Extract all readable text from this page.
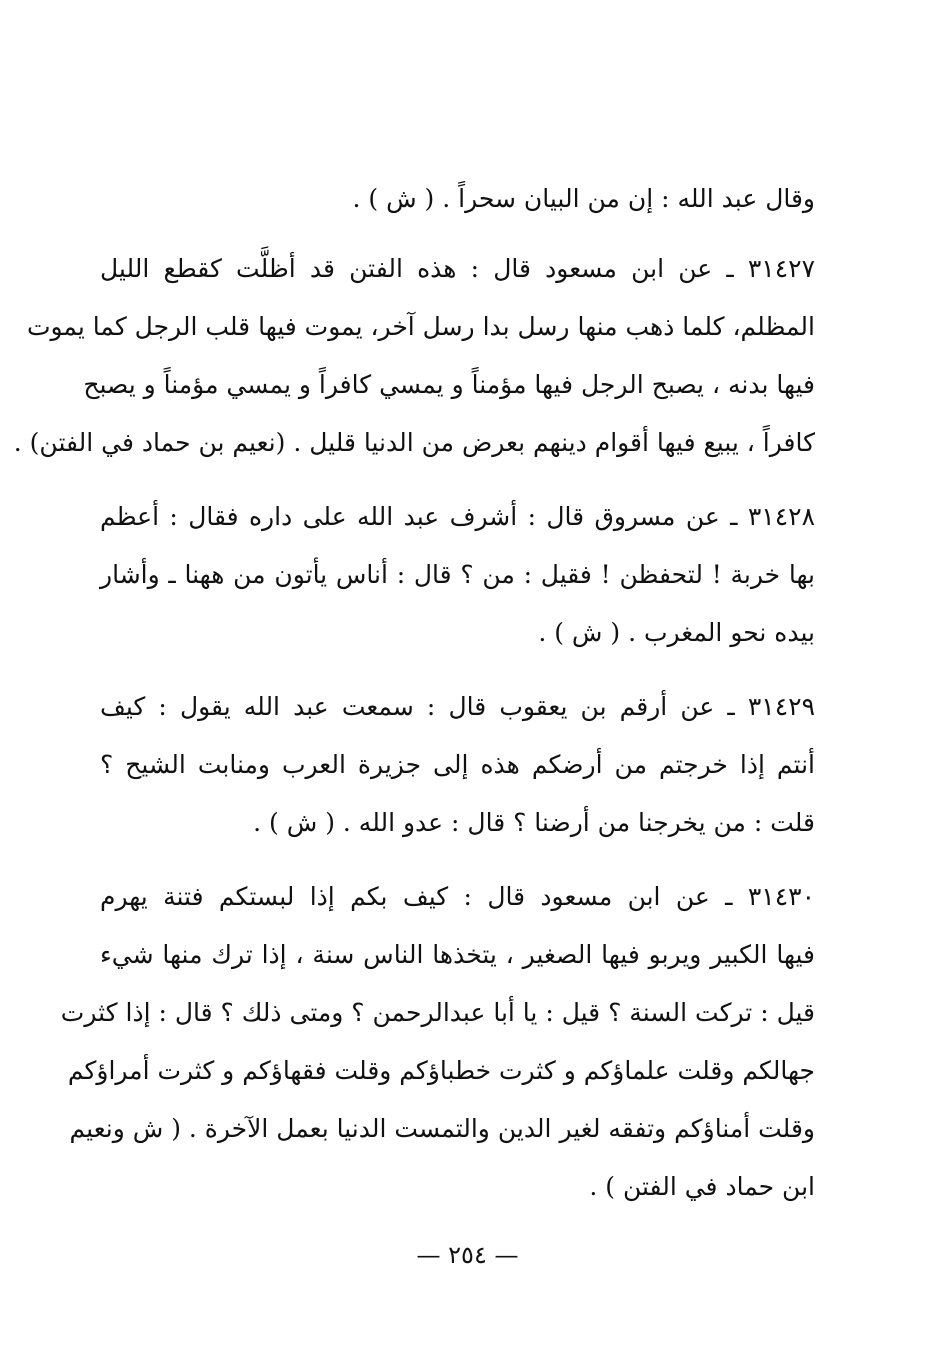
وقال عبد الله : إن من البيان سحراً . ( ش ) .
٣١٤٢٧ ـ عن ابن مسعود قال : هذه الفتن قد أظلَّت كقطع الليل
المظلم، كلما ذهب منها رسل بدا رسل آخر، يموت فيها قلب الرجل كما يموت
فيها بدنه ، يصبح الرجل فيها مؤمناً و يمسي كافراً و يمسي مؤمناً و يصبح
كافراً ، يبيع فيها أقوام دينهم بعرض من الدنيا قليل . (نعيم بن حماد في الفتن) .
٣١٤٢٨ ـ عن مسروق قال : أشرف عبد الله على داره فقال : أعظم
بها خربة ! لتحفظن ! فقيل : من ؟ قال : أناس يأتون من ههنا ـ وأشار
بيده نحو المغرب . ( ش ) .
٣١٤٢٩ ـ عن أرقم بن يعقوب قال : سمعت عبد الله يقول : كيف
أنتم إذا خرجتم من أرضكم هذه إلى جزيرة العرب ومنابت الشيح ؟
قلت : من يخرجنا من أرضنا ؟ قال : عدو الله . ( ش ) .
٣١٤٣٠ ـ عن ابن مسعود قال : كيف بكم إذا لبستكم فتنة يهرم
فيها الكبير ويربو فيها الصغير ، يتخذها الناس سنة ، إذا ترك منها شيء
قيل : تركت السنة ؟ قيل : يا أبا عبدالرحمن ؟ ومتى ذلك ؟ قال : إذا كثرت
جهالكم وقلت علماؤكم و كثرت خطباؤكم وقلت فقهاؤكم و كثرت أمراؤكم
وقلت أمناؤكم وتفقه لغير الدين والتمست الدنيا بعمل الآخرة . ( ش ونعيم
ابن حماد في الفتن ) .
— ٢٥٤ —
